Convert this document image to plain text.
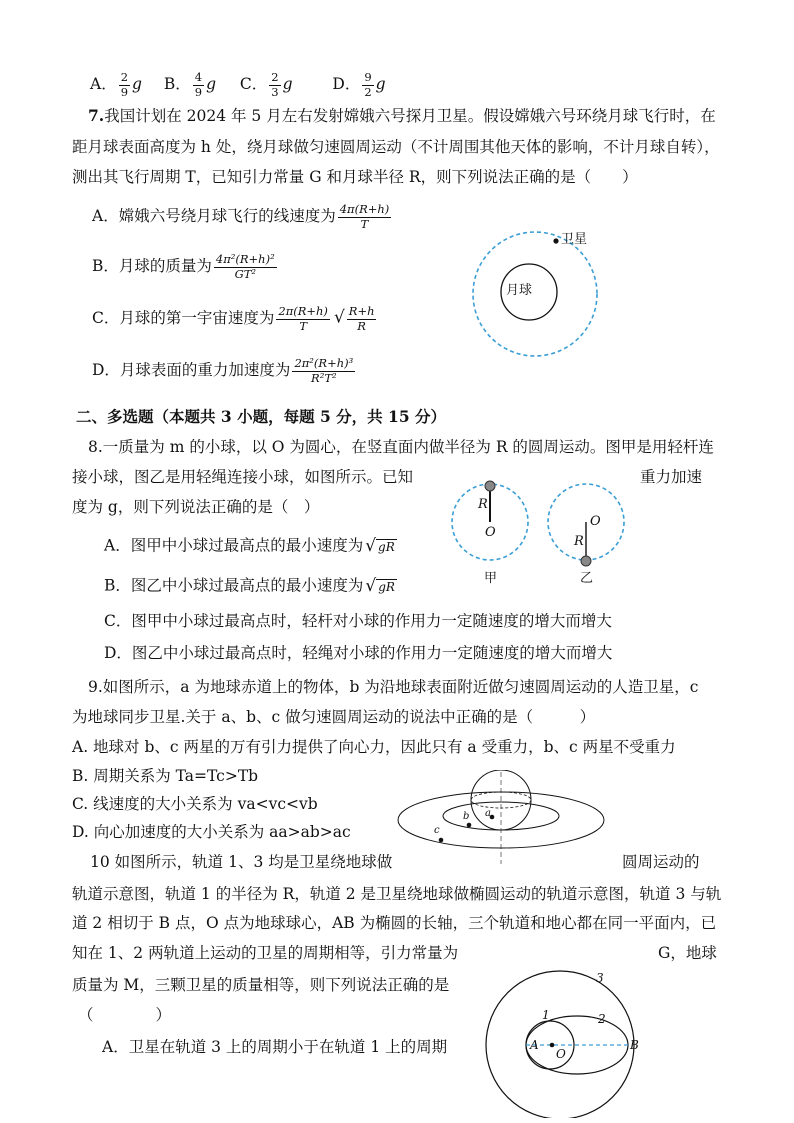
A． $\frac{2}{9}$ g B． $\frac{4}{9}$ g C． $\frac{2}{3}$ g	D． $\frac{9}{2}$ g
7.我国计划在 2024 年 5 月左右发射嫦娥六号探月卫星。假设嫦娥六号环绕月球飞行时，在
距月球表面高度为 h 处，绕月球做匀速圆周运动（不计周围其他天体的影响，不计月球自转），
测出其飞行周期 T，已知引力常量 G 和月球半径 R，则下列说法正确的是（　　）
A．嫦娥六号绕月球飞行的线速度为 $\frac{4\pi(R+h)}{T}$
B．月球的质量为 $\frac{\text{4π²(R+h)²}}{\text{GT²}}$
C．月球的第一宇宙速度为 $\frac{2\pi(R+h)}{T}$ √ $\frac{R+h}{R}$
D．月球表面的重力加速度为 $\frac{\text{2π²(R+h)³}}{\text{R²T²}}$
月球
卫星
二、多选题（本题共 3 小题，每题 5 分，共 15 分）
8.一质量为 m 的小球，以 O 为圆心，在竖直面内做半径为 R 的圆周运动。图甲是用轻杆连
接小球，图乙是用轻绳连接小球，如图所示。已知	重力加速
度为 g，则下列说法正确的是（　）
A．图甲中小球过最高点的最小速度为 √ gR
B．图乙中小球过最高点的最小速度为 √ gR
C．图甲中小球过最高点时，轻杆对小球的作用力一定随速度的增大而增大
D．图乙中小球过最高点时，轻绳对小球的作用力一定随速度的增大而增大
R
O
甲
O
R
乙
9.如图所示，a 为地球赤道上的物体，b 为沿地球表面附近做匀速圆周运动的人造卫星，c
为地球同步卫星.关于 a、b、c 做匀速圆周运动的说法中正确的是（　　　）
A. 地球对 b、c 两星的万有引力提供了向心力，因此只有 a 受重力，b、c 两星不受重力
B. 周期关系为 Ta=Tc>Tb
C. 线速度的大小关系为 va<vc<vb
D. 向心加速度的大小关系为 aa>ab>ac
a
b
c
10 如图所示，轨道 1、3 均是卫星绕地球做	圆周运动的
轨道示意图，轨道 1 的半径为 R，轨道 2 是卫星绕地球做椭圆运动的轨道示意图，轨道 3 与轨
道 2 相切于 B 点，O 点为地球球心，AB 为椭圆的长轴，三个轨道和地心都在同一平面内，已
知在 1、2 两轨道上运动的卫星的周期相等，引力常量为	G，地球
质量为 M，三颗卫星的质量相等，则下列说法正确的是
（　　　　）
A．卫星在轨道 3 上的周期小于在轨道 1 上的周期
1	2
3
A	B
O
